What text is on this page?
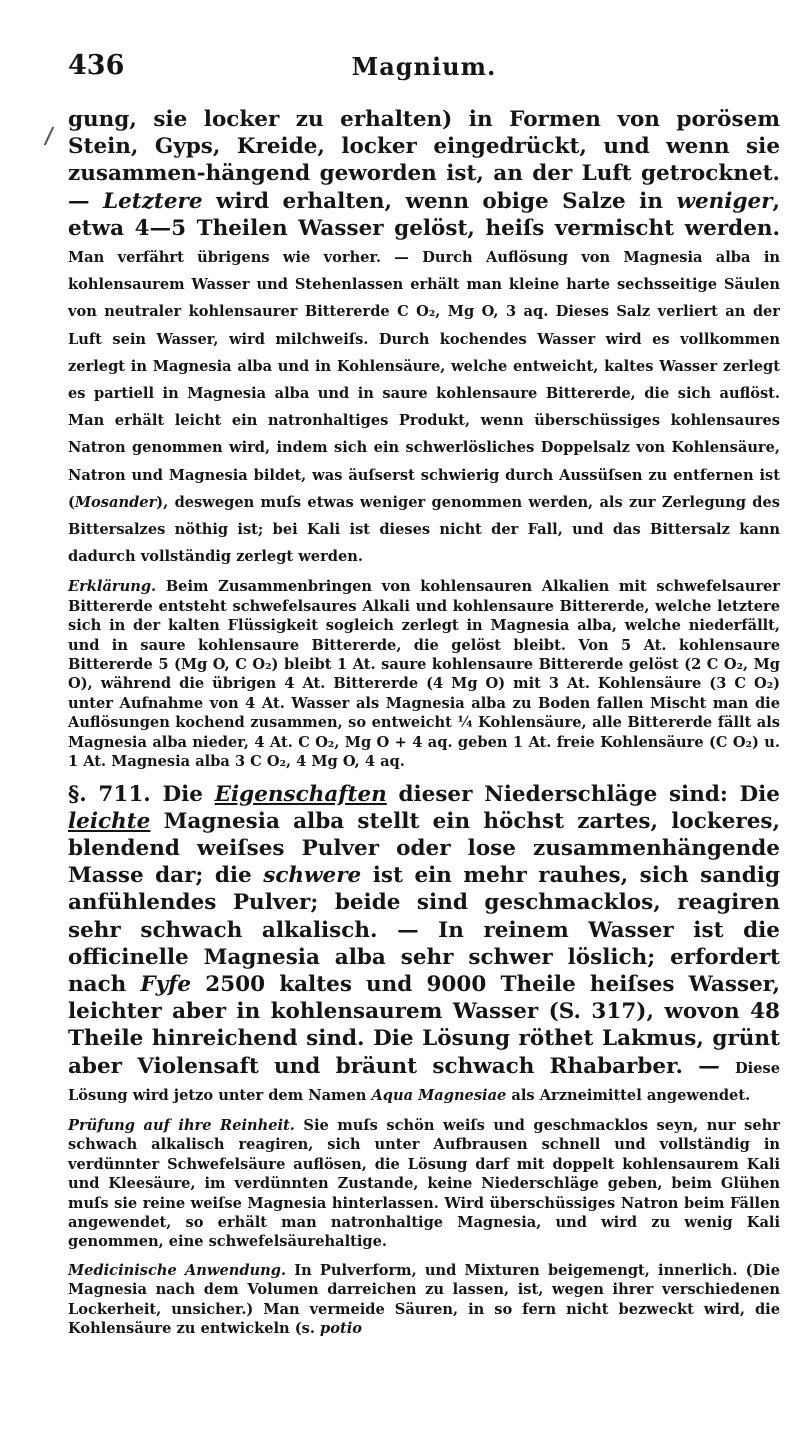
436	Magnium.

gung, sie locker zu erhalten) in Formen von porösem Stein, Gyps, Kreide, locker eingedrückt, und wenn sie zusammen-hängend geworden ist, an der Luft getrocknet. — Letztere wird erhalten, wenn obige Salze in weniger, etwa 4—5 Theilen Wasser gelöst, heiſs vermischt werden. Man verfährt übrigens wie vorher. — Durch Auflösung von Magnesia alba in kohlensaurem Wasser und Stehenlassen erhält man kleine harte sechsseitige Säulen von neutraler kohlensaurer Bittererde C O₂, Mg O, 3 aq. Dieses Salz verliert an der Luft sein Wasser, wird milchweiſs. Durch kochendes Wasser wird es vollkommen zerlegt in Magnesia alba und in Kohlensäure, welche entweicht, kaltes Wasser zerlegt es partiell in Magnesia alba und in saure kohlensaure Bittererde, die sich auflöst. Man erhält leicht ein natronhaltiges Produkt, wenn überschüssiges kohlensaures Natron genommen wird, indem sich ein schwerlösliches Doppelsalz von Kohlensäure, Natron und Magnesia bildet, was äuſserst schwierig durch Aussüſsen zu entfernen ist (Mosander), deswegen muſs etwas weniger genommen werden, als zur Zerlegung des Bittersalzes nöthig ist; bei Kali ist dieses nicht der Fall, und das Bittersalz kann dadurch vollständig zerlegt werden.

Erklärung. Beim Zusammenbringen von kohlensauren Alkalien mit schwefelsaurer Bittererde entsteht schwefelsaures Alkali und kohlensaure Bittererde, welche letztere sich in der kalten Flüssigkeit sogleich zerlegt in Magnesia alba, welche niederfällt, und in saure kohlensaure Bittererde, die gelöst bleibt. Von 5 At. kohlensaure Bittererde 5 (Mg O, C O₂) bleibt 1 At. saure kohlensaure Bittererde gelöst (2 C O₂, Mg O), während die übrigen 4 At. Bittererde (4 Mg O) mit 3 At. Kohlensäure (3 C O₂) unter Aufnahme von 4 At. Wasser als Magnesia alba zu Boden fallen Mischt man die Auflösungen kochend zusammen, so entweicht ¼ Kohlensäure, alle Bittererde fällt als Magnesia alba nieder, 4 At. C O₂, Mg O + 4 aq. geben 1 At. freie Kohlensäure (C O₂) u. 1 At. Magnesia alba 3 C O₂, 4 Mg O, 4 aq.

§. 711. Die Eigenschaften dieser Niederschläge sind: Die leichte Magnesia alba stellt ein höchst zartes, lockeres, blendend weiſses Pulver oder lose zusammenhängende Masse dar; die schwere ist ein mehr rauhes, sich sandig anfühlendes Pulver; beide sind geschmacklos, reagiren sehr schwach alkalisch. — In reinem Wasser ist die officinelle Magnesia alba sehr schwer löslich; erfordert nach Fyfe 2500 kaltes und 9000 Theile heiſses Wasser, leichter aber in kohlensaurem Wasser (S. 317), wovon 48 Theile hinreichend sind. Die Lösung röthet Lakmus, grünt aber Violensaft und bräunt schwach Rhabarber. — Diese Lösung wird jetzo unter dem Namen Aqua Magnesiae als Arzneimittel angewendet.

Prüfung auf ihre Reinheit. Sie muſs schön weiſs und geschmacklos seyn, nur sehr schwach alkalisch reagiren, sich unter Aufbrausen schnell und vollständig in verdünnter Schwefelsäure auflösen, die Lösung darf mit doppelt kohlensaurem Kali und Kleesäure, im verdünnten Zustande, keine Niederschläge geben, beim Glühen muſs sie reine weiſse Magnesia hinterlassen. Wird überschüssiges Natron beim Fällen angewendet, so erhält man natronhaltige Magnesia, und wird zu wenig Kali genommen, eine schwefelsäurehaltige.

Medicinische Anwendung. In Pulverform, und Mixturen beigemengt, innerlich. (Die Magnesia nach dem Volumen darreichen zu lassen, ist, wegen ihrer verschiedenen Lockerheit, unsicher.) Man vermeide Säuren, in so fern nicht bezweckt wird, die Kohlensäure zu entwickeln (s. potio
